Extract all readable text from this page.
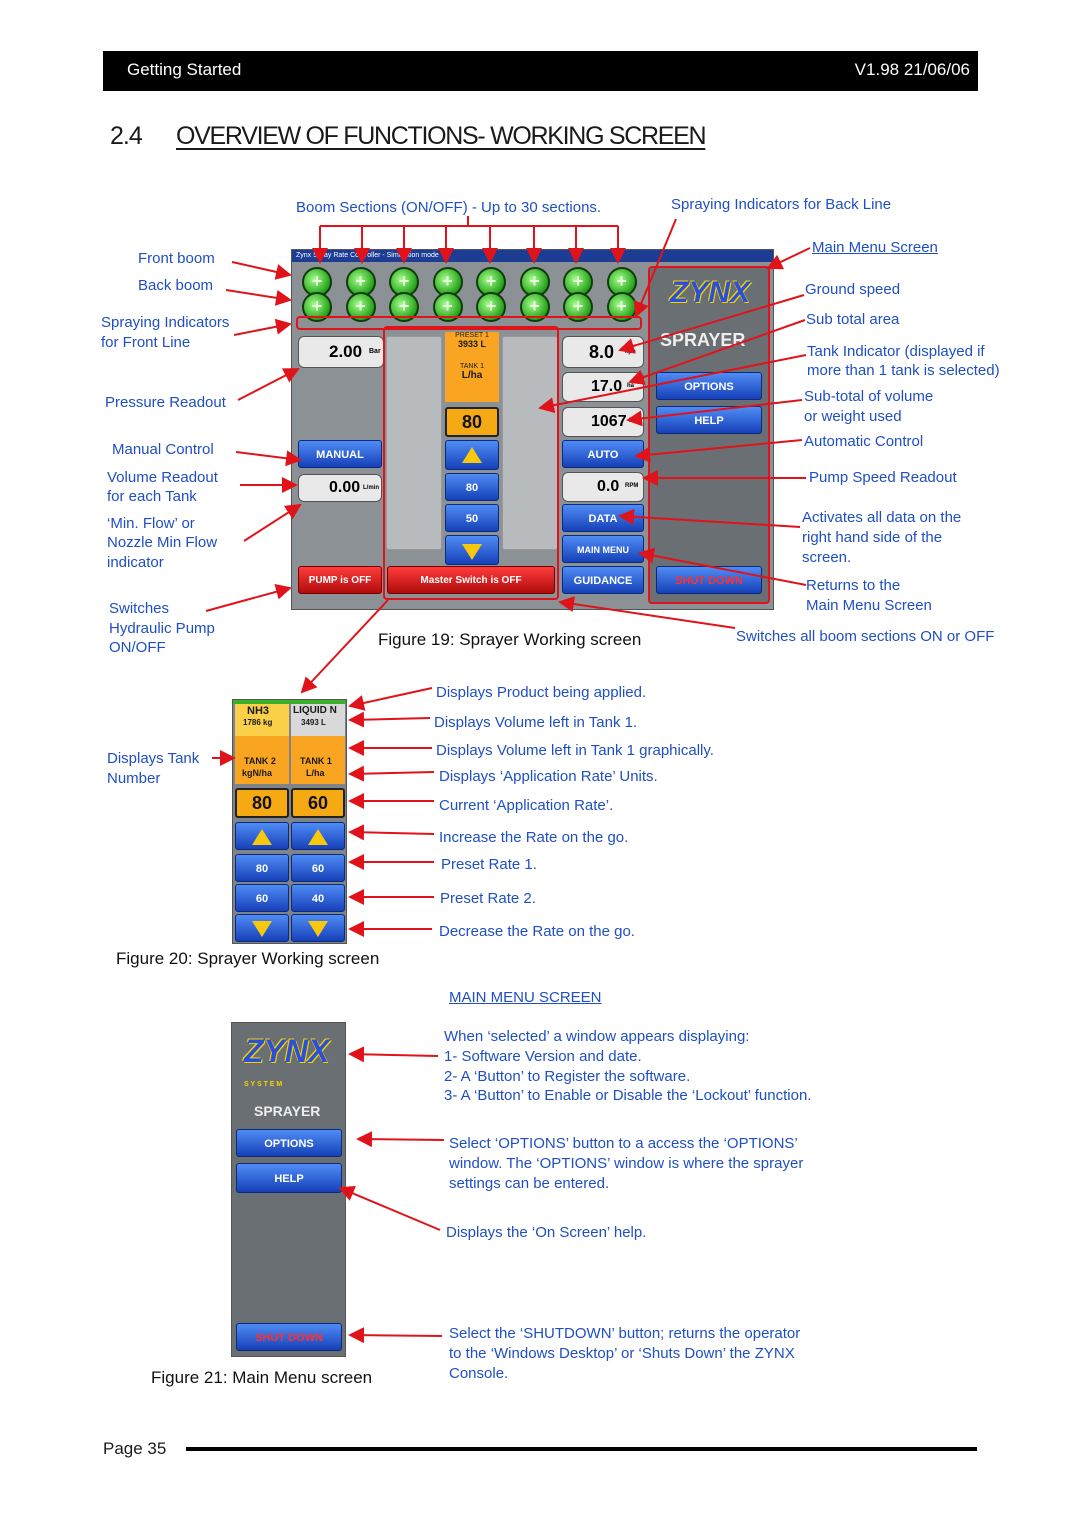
Getting Started	V1.98 21/06/06
2.4 OVERVIEW OF FUNCTIONS- WORKING SCREEN
Zynx Spray Rate Controller - Simulation mode
+
+
+
+
+
+
+
+
+
+
+
+
+
+
+
+
2.00 Bar
MANUAL
0.00 L/min
PUMP is OFF
PRESET 1
3933 L
TANK 1
L/ha
80
80
50
Master Switch is OFF
8.0 kph
17.0 ha
1067 L
AUTO
0.0 RPM
DATA
MAIN MENU
GUIDANCE
ZYNX
SPRAYER
OPTIONS
HELP
SHUT DOWN
Boom Sections (ON/OFF) - Up to 30 sections.	Spraying Indicators for Back Line
Main Menu Screen
Front boom
Back boom	Ground speed
Sub total area
Spraying Indicators
for Front Line
Tank Indicator (displayed if
more than 1 tank is selected)
Pressure Readout	Sub-total of volume
or weight used
Automatic Control
Manual Control
Volume Readout
for each Tank
Pump Speed Readout
Activates all data on the
right hand side of the
screen.
‘Min. Flow’ or
Nozzle Min Flow
indicator
Returns to the
Main Menu Screen
Switches
Hydraulic Pump
ON/OFF
Switches all boom sections ON or OFF
Figure 19: Sprayer Working screen
NH3 LIQUID N
1786 kg	3493 L
TANK 2
kgN/ha
TANK 1
L/ha
80	60
80	60
60	40
Displays Tank
Number
Displays Product being applied.
Displays Volume left in Tank 1.
Displays Volume left in Tank 1 graphically.
Displays ‘Application Rate’ Units.
Current ‘Application Rate’.
Increase the Rate on the go.
Preset Rate 1.
Preset Rate 2.
Decrease the Rate on the go.
Figure 20: Sprayer Working screen
MAIN MENU SCREEN
ZYNX
S Y S T E M
SPRAYER
OPTIONS
HELP
SHUT DOWN
When ‘selected’ a window appears displaying:
1- Software Version and date.
2- A ‘Button’ to Register the software.
3- A ‘Button’ to Enable or Disable the ‘Lockout’ function.
Select ‘OPTIONS’ button to a access the ‘OPTIONS’
window. The ‘OPTIONS’ window is where the sprayer
settings can be entered.
Displays the ‘On Screen’ help.
Select the ‘SHUTDOWN’ button; returns the operator
to the ‘Windows Desktop’ or ‘Shuts Down’ the ZYNX
Console.
Figure 21: Main Menu screen
Page 35
